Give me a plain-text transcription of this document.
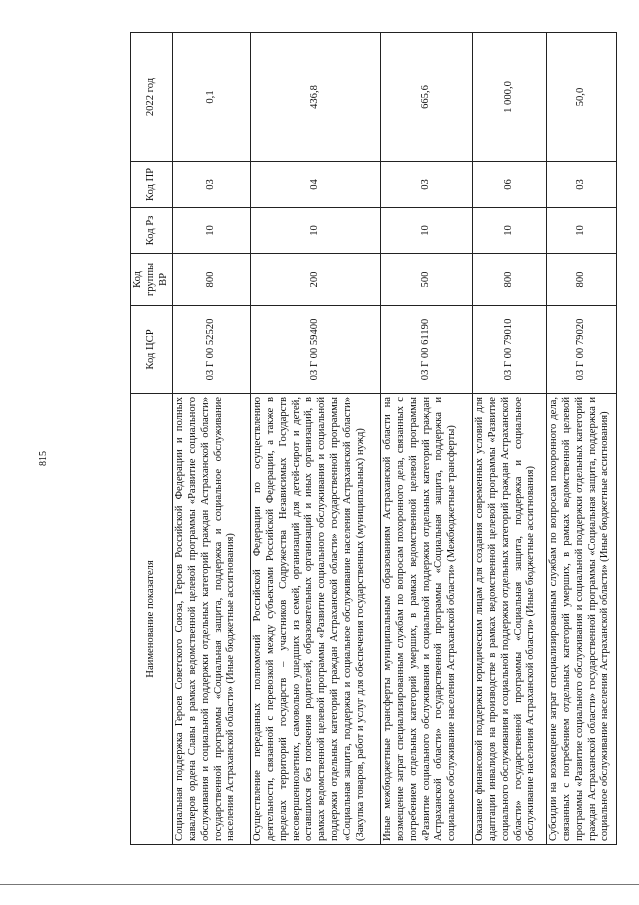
815
Наименование показателя	Код ЦСР	Код группы ВР	Код Рз	Код ПР	2022 год
Социальная поддержка Героев Советского Союза, Героев Российской Федерации и полных кавалеров ордена Славы в рамках ведомственной целевой программы «Развитие социального обслуживания и социальной поддержки отдельных категорий граждан Астраханской области» государственной программы «Социальная защита, поддержка и социальное обслуживание населения Астраханской области» (Иные бюджетные ассигнования)	03 Г 00 52520	800	10	03	0,1
Осуществление переданных полномочий Российской Федерации по осуществлению деятельности, связанной с перевозкой между субъектами Российской Федерации, а также в пределах территорий государств – участников Содружества Независимых Государств несовершеннолетних, самовольно ушедших из семей, организаций для детей-сирот и детей, оставшихся без попечения родителей, образовательных организаций и иных организаций, в рамках ведомственной целевой программы «Развитие социального обслуживания и социальной поддержки отдельных категорий граждан Астраханской области» государственной программы «Социальная защита, поддержка и социальное обслуживание населения Астраханской области» (Закупка товаров, работ и услуг для обеспечения государственных (муниципальных) нужд)	03 Г 00 59400	200	10	04	436,8
Иные межбюджетные трансферты муниципальным образованиям Астраханской области на возмещение затрат специализированным службам по вопросам похоронного дела, связанных с погребением отдельных категорий умерших, в рамках ведомственной целевой программы «Развитие социального обслуживания и социальной поддержки отдельных категорий граждан Астраханской области» государственной программы «Социальная защита, поддержка и социальное обслуживание населения Астраханской области» (Межбюджетные трансферты)	03 Г 00 61190	500	10	03	665,6
Оказание финансовой поддержки юридическим лицам для создания современных условий для адаптации инвалидов на производстве в рамках ведомственной целевой программы «Развитие социального обслуживания и социальной поддержки отдельных категорий граждан Астраханской области» государственной программы «Социальная защита, поддержка и социальное обслуживание населения Астраханской области» (Иные бюджетные ассигнования)	03 Г 00 79010	800	10	06	1 000,0
Субсидии на возмещение затрат специализированным службам по вопросам похоронного дела, связанных с погребением отдельных категорий умерших, в рамках ведомственной целевой программы «Развитие социального обслуживания и социальной поддержки отдельных категорий граждан Астраханской области» государственной программы «Социальная защита, поддержка и социальное обслуживание населения Астраханской области» (Иные бюджетные ассигнования)	03 Г 00 79020	800	10	03	50,0
